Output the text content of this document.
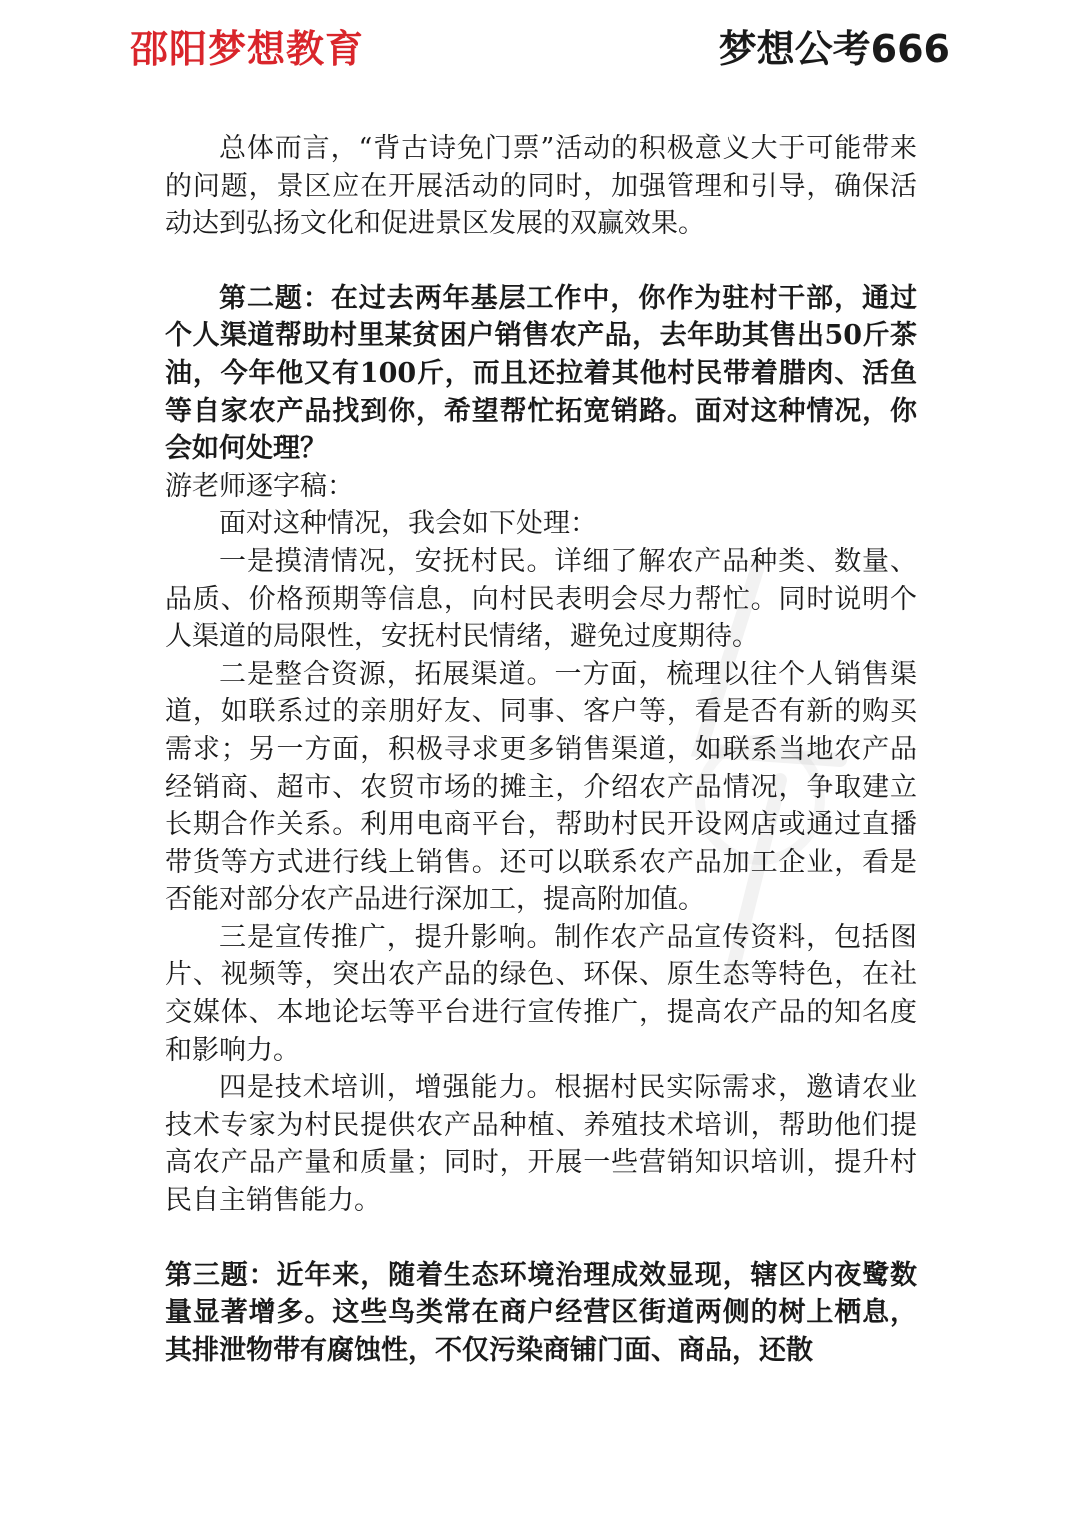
邵阳梦想教育	梦想公考666

总体而言，“背古诗免门票”活动的积极意义大于可能带来的问题，景区应在开展活动的同时，加强管理和引导，确保活动达到弘扬文化和促进景区发展的双赢效果。

第二题：在过去两年基层工作中，你作为驻村干部，通过个人渠道帮助村里某贫困户销售农产品，去年助其售出50斤茶油，今年他又有100斤，而且还拉着其他村民带着腊肉、活鱼等自家农产品找到你，希望帮忙拓宽销路。面对这种情况，你会如何处理？

游老师逐字稿：

面对这种情况，我会如下处理：

一是摸清情况，安抚村民。详细了解农产品种类、数量、品质、价格预期等信息，向村民表明会尽力帮忙。同时说明个人渠道的局限性，安抚村民情绪，避免过度期待。

二是整合资源，拓展渠道。一方面，梳理以往个人销售渠道，如联系过的亲朋好友、同事、客户等，看是否有新的购买需求；另一方面，积极寻求更多销售渠道，如联系当地农产品经销商、超市、农贸市场的摊主，介绍农产品情况，争取建立长期合作关系。利用电商平台，帮助村民开设网店或通过直播带货等方式进行线上销售。还可以联系农产品加工企业，看是否能对部分农产品进行深加工，提高附加值。

三是宣传推广，提升影响。制作农产品宣传资料，包括图片、视频等，突出农产品的绿色、环保、原生态等特色，在社交媒体、本地论坛等平台进行宣传推广，提高农产品的知名度和影响力。

四是技术培训，增强能力。根据村民实际需求，邀请农业技术专家为村民提供农产品种植、养殖技术培训，帮助他们提高农产品产量和质量；同时，开展一些营销知识培训，提升村民自主销售能力。

第三题：近年来，随着生态环境治理成效显现，辖区内夜鹭数量显著增多。这些鸟类常在商户经营区街道两侧的树上栖息，其排泄物带有腐蚀性，不仅污染商铺门面、商品，还散
